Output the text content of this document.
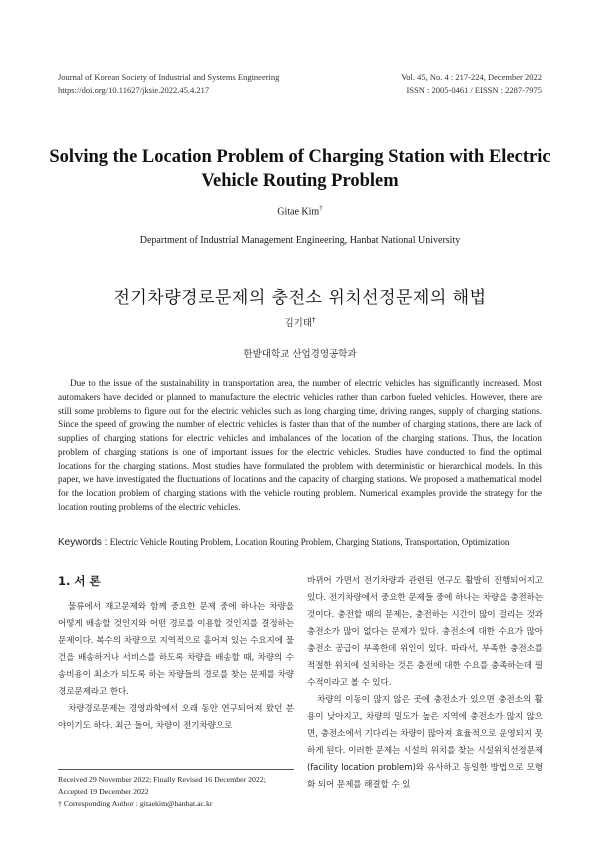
Journal of Korean Society of Industrial and Systems Engineering
https://doi.org/10.11627/jksie.2022.45.4.217
Vol. 45, No. 4 : 217-224, December 2022
ISSN : 2005-0461 / EISSN : 2287-7975
Solving the Location Problem of Charging Station with Electric Vehicle Routing Problem
Gitae Kim†
Department of Industrial Management Engineering, Hanbat National University
전기차량경로문제의 충전소 위치선정문제의 해법
김기태†
한밭대학교 산업경영공학과
Due to the issue of the sustainability in transportation area, the number of electric vehicles has significantly increased. Most automakers have decided or planned to manufacture the electric vehicles rather than carbon fueled vehicles. However, there are still some problems to figure out for the electric vehicles such as long charging time, driving ranges, supply of charging stations. Since the speed of growing the number of electric vehicles is faster than that of the number of charging stations, there are lack of supplies of charging stations for electric vehicles and imbalances of the location of the charging stations. Thus, the location problem of charging stations is one of important issues for the electric vehicles. Studies have conducted to find the optimal locations for the charging stations. Most studies have formulated the problem with deterministic or hierarchical models. In this paper, we have investigated the fluctuations of locations and the capacity of charging stations. We proposed a mathematical model for the location problem of charging stations with the vehicle routing problem. Numerical examples provide the strategy for the location routing problems of the electric vehicles.
Keywords : Electric Vehicle Routing Problem, Location Routing Problem, Charging Stations, Transportation, Optimization
1. 서 론

물류에서 재고문제와 함께 중요한 문제 중에 하나는 차량을 어떻게 배송할 것인지와 어떤 경로를 이용할 것인지를 결정하는 문제이다. 복수의 차량으로 지역적으로 흩어져 있는 수요지에 물건을 배송하거나 서비스를 하도록 차량을 배송할 때, 차량의 수송비용이 최소가 되도록 하는 차량들의 경로를 찾는 문제를 차량경로문제라고 한다.

차량경로문제는 경영과학에서 오래 동안 연구되어져 왔던 분야이기도 하다. 최근 들어, 차량이 전기차량으로

바뀌어 가면서 전기차량과 관련된 연구도 활발히 진행되어지고 있다. 전기차량에서 중요한 문제들 중에 하나는 차량을 충전하는 것이다. 충전할 때의 문제는, 충전하는 시간이 많이 걸리는 것과 충전소가 많이 없다는 문제가 있다. 충전소에 대한 수요가 많아 충전소 공급이 부족한데 위인이 있다. 따라서, 부족한 충전소를 적절한 위치에 설치하는 것은 충전에 대한 수요를 충족하는데 필수적이라고 볼 수 있다.

차량의 이동이 많지 않은 곳에 충전소가 있으면 충전소의 활용이 낮아지고, 차량의 밀도가 높은 지역에 충전소가 많지 않으면, 충전소에서 기다리는 차량이 많아져 효율적으로 운영되지 못하게 된다. 이러한 문제는 시설의 위치를 찾는 시설위치선정문제(facility location problem)와 유사하고 동일한 방법으로 모형화 되어 문제를 해결할 수 있

Received 29 November 2022; Finally Revised 16 December 2022; Accepted 19 December 2022
† Corresponding Author : gitaekim@hanbat.ac.kr
